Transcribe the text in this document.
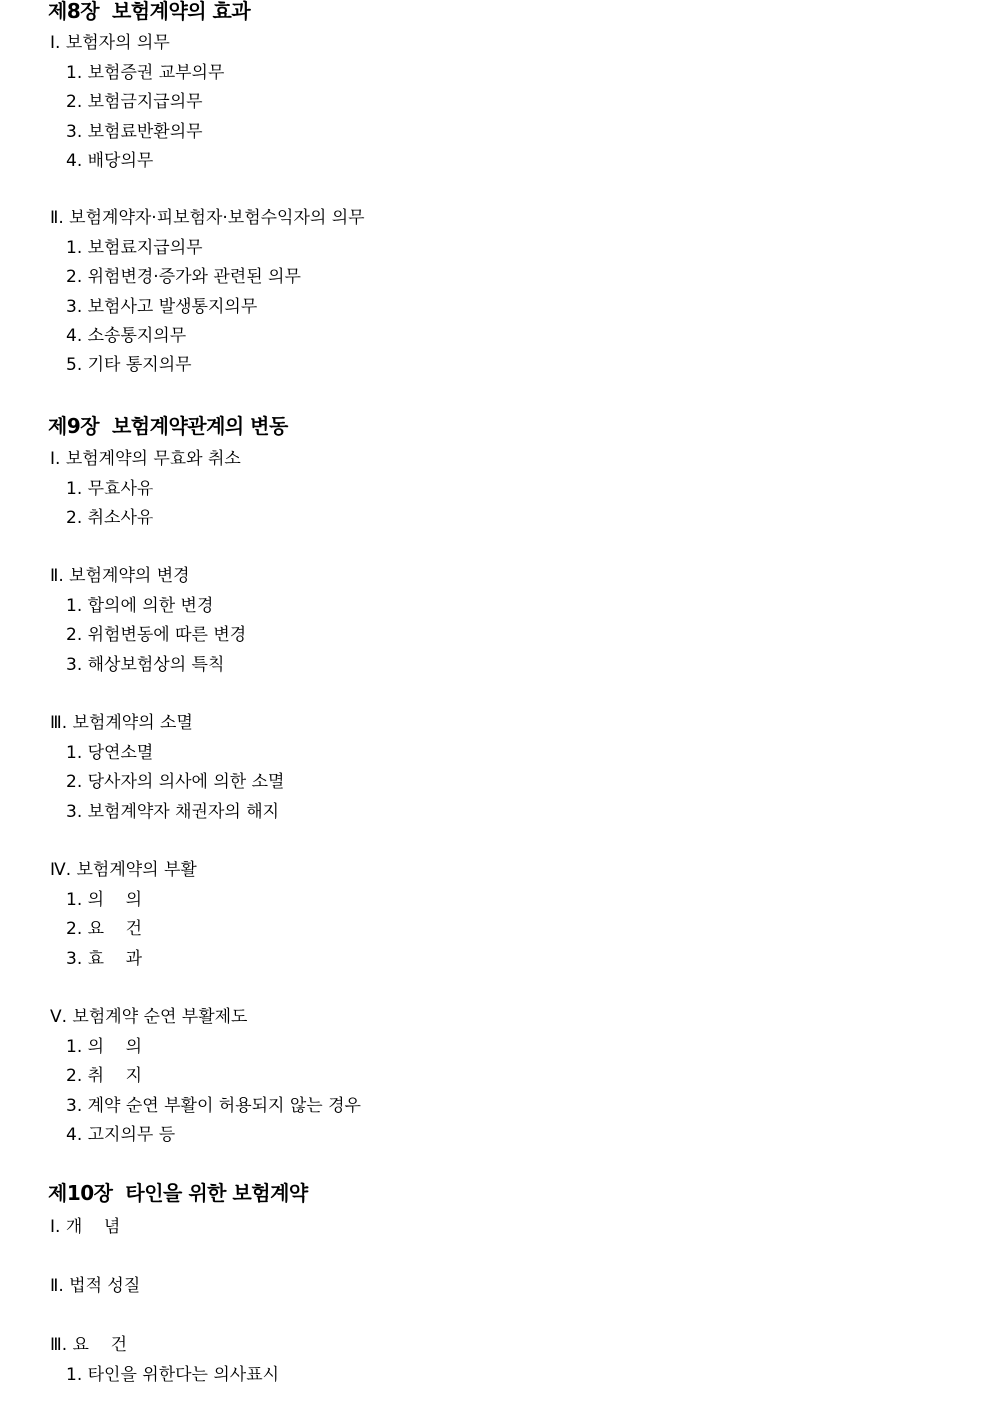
제8장  보험계약의 효과
Ⅰ. 보험자의 의무
1. 보험증권 교부의무
2. 보험금지급의무
3. 보험료반환의무
4. 배당의무
Ⅱ. 보험계약자·피보험자·보험수익자의 의무
1. 보험료지급의무
2. 위험변경·증가와 관련된 의무
3. 보험사고 발생통지의무
4. 소송통지의무
5. 기타 통지의무
제9장  보험계약관계의 변동
Ⅰ. 보험계약의 무효와 취소
1. 무효사유
2. 취소사유
Ⅱ. 보험계약의 변경
1. 합의에 의한 변경
2. 위험변동에 따른 변경
3. 해상보험상의 특칙
Ⅲ. 보험계약의 소멸
1. 당연소멸
2. 당사자의 의사에 의한 소멸
3. 보험계약자 채권자의 해지
Ⅳ. 보험계약의 부활
1. 의    의
2. 요    건
3. 효    과
Ⅴ. 보험계약 순연 부활제도
1. 의    의
2. 취    지
3. 계약 순연 부활이 허용되지 않는 경우
4. 고지의무 등
제10장  타인을 위한 보험계약
Ⅰ. 개    념
Ⅱ. 법적 성질
Ⅲ. 요    건
1. 타인을 위한다는 의사표시
